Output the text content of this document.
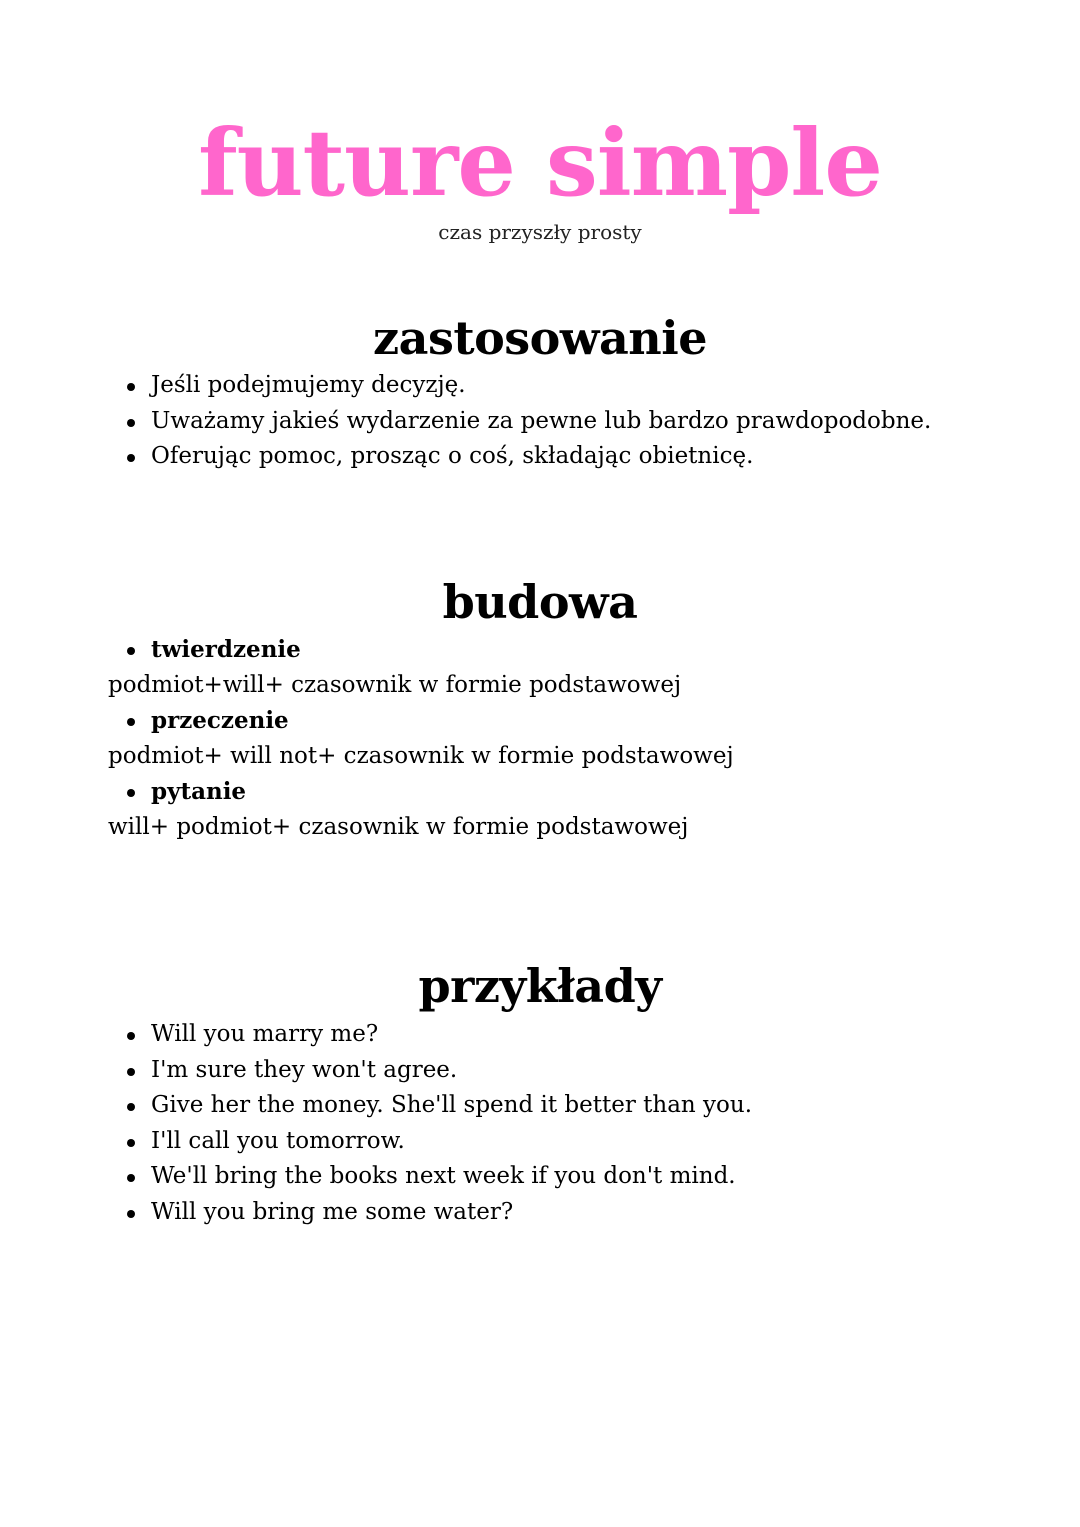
future simple
czas przyszły prosty
zastosowanie
Jeśli podejmujemy decyzję.
Uważamy jakieś wydarzenie za pewne lub bardzo prawdopodobne.
Oferując pomoc, prosząc o coś, składając obietnicę.
budowa
twierdzenie
podmiot+will+ czasownik w formie podstawowej
przeczenie
podmiot+ will not+ czasownik w formie podstawowej
pytanie
will+ podmiot+ czasownik w formie podstawowej
przykłady
Will you marry me?
I'm sure they won't agree.
Give her the money. She'll spend it better than you.
I'll call you tomorrow.
We'll bring the books next week if you don't mind.
Will you bring me some water?
